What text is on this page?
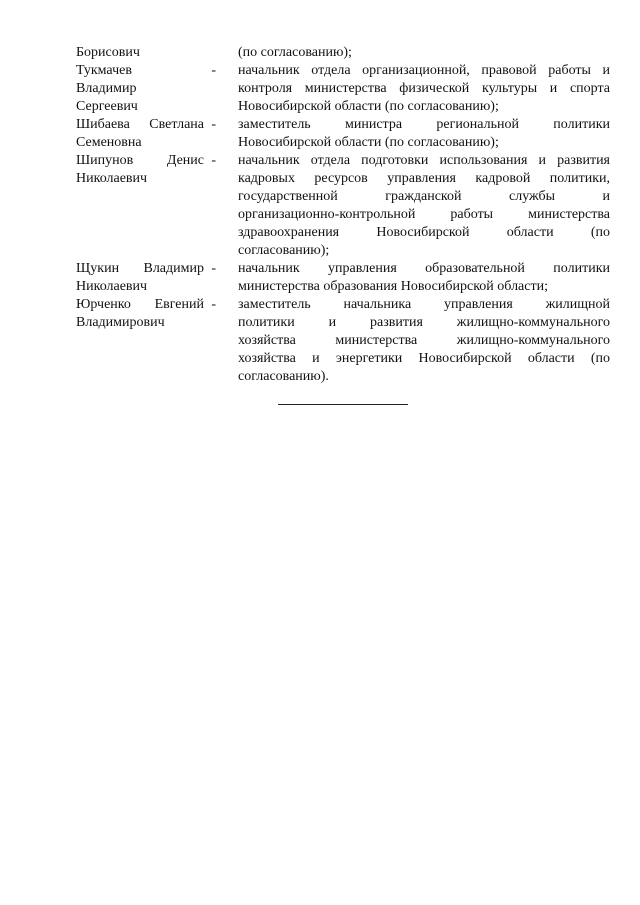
Борисович	(по согласованию);
Тукмачев
Владимир
Сергеевич
- начальник отдела организационной, правовой работы и
контроля министерства физической культуры и спорта
Новосибирской области (по согласованию);
Шибаева Светлана
Семеновна
- заместитель министра региональной политики
Новосибирской области (по согласованию);
Шипунов Денис
Николаевич
- начальник отдела подготовки использования и развития
кадровых ресурсов управления кадровой политики,
государственной гражданской службы и
организационно-контрольной работы министерства
здравоохранения Новосибирской области (по
согласованию);
Щукин Владимир
Николаевич
- начальник управления образовательной политики
министерства образования Новосибирской области;
Юрченко Евгений
Владимирович
- заместитель начальника управления жилищной
политики и развития жилищно-коммунального
хозяйства министерства жилищно-коммунального
хозяйства и энергетики Новосибирской области (по
согласованию).
